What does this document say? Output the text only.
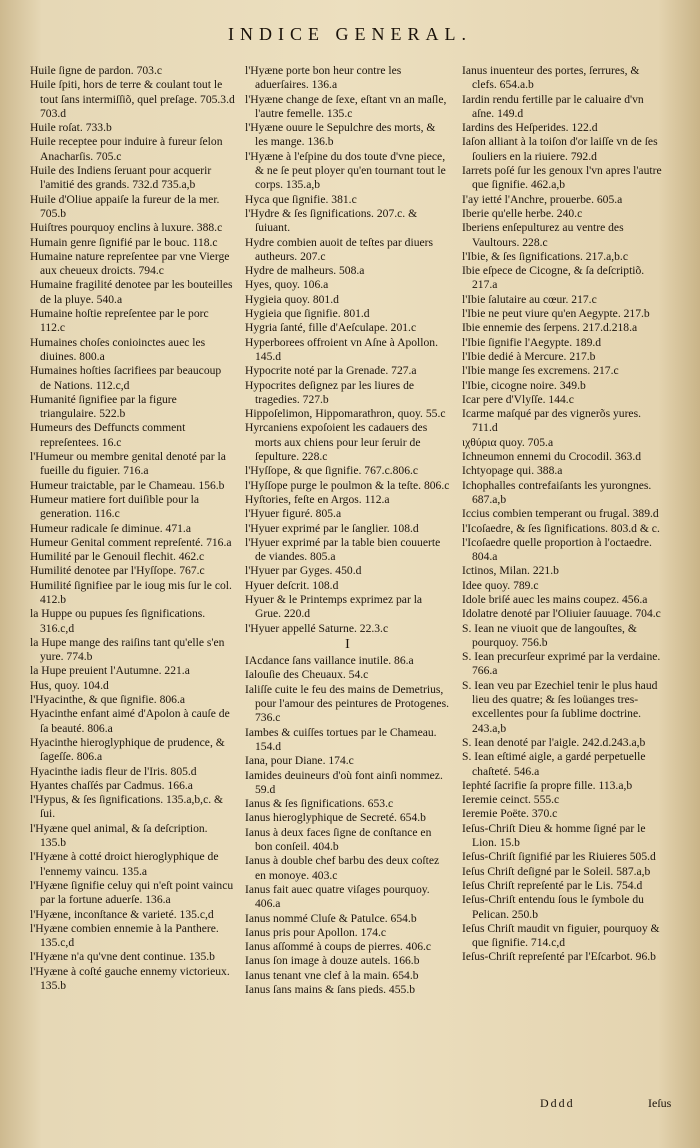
INDICE GENERAL.

Huile ſigne de pardon. 703.c

Huile ſpiti, hors de terre & coulant tout le tout ſans intermiſſiõ, quel preſage. 705.3.d 703.d

Huile roſat. 733.b

Huile receptee pour induire à fureur ſelon Anacharſis. 705.c

Huile des Indiens ſeruant pour acquerir l'amitié des grands. 732.d 735.a,b

Huile d'Oliue appaiſe la fureur de la mer. 705.b

Huiſtres pourquoy enclins à luxure. 388.c

Humain genre ſignifié par le bouc. 118.c

Humaine nature repreſentee par vne Vierge aux cheueux droicts. 794.c

Humaine fragilité denotee par les bouteilles de la pluye. 540.a

Humaine hoſtie repreſentee par le porc 112.c

Humaines choſes conioinctes auec les diuines. 800.a

Humaines hoſties ſacrifiees par beaucoup de Nations. 112.c,d

Humanité ſignifiee par la figure triangulaire. 522.b

Humeurs des Deffuncts comment repreſentees. 16.c

l'Humeur ou membre genital denoté par la fueille du figuier. 716.a

Humeur traictable, par le Chameau. 156.b

Humeur matiere fort duiſible pour la generation. 116.c

Humeur radicale ſe diminue. 471.a

Humeur Genital comment repreſenté. 716.a

Humilité par le Genouil flechit. 462.c

Humilité denotee par l'Hyſſope. 767.c

Humilité ſignifiee par le ioug mis ſur le col. 412.b

la Huppe ou pupues ſes ſignifications. 316.c,d

la Hupe mange des raiſins tant qu'elle s'en yure. 774.b

la Hupe preuient l'Autumne. 221.a

Hus, quoy. 104.d

l'Hyacinthe, & que ſignifie. 806.a

Hyacinthe enfant aimé d'Apolon à cauſe de ſa beauté. 806.a

Hyacinthe hieroglyphique de prudence, & ſageſſe. 806.a

Hyacinthe iadis fleur de l'Iris. 805.d

Hyantes chaſſés par Cadmus. 166.a

l'Hypus, & ſes ſignifications. 135.a,b,c. & ſui.

l'Hyæne quel animal, & ſa deſcription. 135.b

l'Hyæne à cotté droict hieroglyphique de l'ennemy vaincu. 135.a

l'Hyæne ſignifie celuy qui n'eſt point vaincu par la fortune aduerſe. 136.a

l'Hyæne, inconſtance & varieté. 135.c,d

l'Hyæne combien ennemie à la Panthere. 135.c,d

l'Hyæne n'a qu'vne dent continue. 135.b

l'Hyæne à coſté gauche ennemy victorieux. 135.b

l'Hyæne porte bon heur contre les aduerſaires. 136.a

l'Hyæne change de ſexe, eſtant vn an maſle, l'autre femelle. 135.c

l'Hyæne ouure le Sepulchre des morts, & les mange. 136.b

l'Hyæne à l'eſpine du dos toute d'vne piece, & ne ſe peut ployer qu'en tournant tout le corps. 135.a,b

Hyca que ſignifie. 381.c

l'Hydre & ſes ſignifications. 207.c. & ſuiuant.

Hydre combien auoit de teſtes par diuers autheurs. 207.c

Hydre de malheurs. 508.a

Hyes, quoy. 106.a

Hygieia quoy. 801.d

Hygieia que ſignifie. 801.d

Hygria ſanté, fille d'Aeſculape. 201.c

Hyperborees offroient vn Aſne à Apollon. 145.d

Hypocrite noté par la Grenade. 727.a

Hypocrites deſignez par les liures de tragedies. 727.b

Hippoſelimon, Hippomarathron, quoy. 55.c

Hyrcaniens expoſoient les cadauers des morts aux chiens pour leur ſeruir de ſepulture. 228.c

l'Hyſſope, & que ſignifie. 767.c.806.c

l'Hyſſope purge le poulmon & la teſte. 806.c

Hyſtories, feſte en Argos. 112.a

l'Hyuer figuré. 805.a

l'Hyuer exprimé par le ſanglier. 108.d

l'Hyuer exprimé par la table bien couuerte de viandes. 805.a

l'Hyuer par Gyges. 450.d

Hyuer deſcrit. 108.d

Hyuer & le Printemps exprimez par la Grue. 220.d

l'Hyuer appellé Saturne. 22.3.c

I

IAcdance ſans vaillance inutile. 86.a

Ialouſie des Cheuaux. 54.c

Ialiſſe cuite le feu des mains de Demetrius, pour l'amour des peintures de Protogenes. 736.c

Iambes & cuiſſes tortues par le Chameau. 154.d

Iana, pour Diane. 174.c

Iamides deuineurs d'où font ainſi nommez. 59.d

Ianus & ſes ſignifications. 653.c

Ianus hieroglyphique de Secreté. 654.b

Ianus à deux faces ſigne de conſtance en bon conſeil. 404.b

Ianus à double chef barbu des deux coſtez en monoye. 403.c

Ianus fait auec quatre viſages pourquoy. 406.a

Ianus nommé Cluſe & Patulce. 654.b

Ianus pris pour Apollon. 174.c

Ianus aſſommé à coups de pierres. 406.c

Ianus ſon image à douze autels. 166.b

Ianus tenant vne clef à la main. 654.b

Ianus ſans mains & ſans pieds. 455.b

Ianus inuenteur des portes, ſerrures, & clefs. 654.a.b

Iardin rendu fertille par le caluaire d'vn aſne. 149.d

Iardins des Heſperides. 122.d

Iaſon alliant à la toiſon d'or laiſſe vn de ſes ſouliers en la riuiere. 792.d

Iarrets poſé ſur les genoux l'vn apres l'autre que ſignifie. 462.a,b

I'ay ietté l'Anchre, prouerbe. 605.a

Iberie qu'elle herbe. 240.c

Iberiens enſepulturez au ventre des Vaultours. 228.c

l'Ibie, & ſes ſignifications. 217.a,b.c

Ibie eſpece de Cicogne, & ſa deſcriptiõ. 217.a

l'Ibie ſalutaire au cœur. 217.c

l'Ibie ne peut viure qu'en Aegypte. 217.b

Ibie ennemie des ſerpens. 217.d.218.a

l'Ibie ſignifie l'Aegypte. 189.d

l'Ibie dedié à Mercure. 217.b

l'Ibie mange ſes excremens. 217.c

l'Ibie, cicogne noire. 349.b

Icar pere d'Vlyſſe. 144.c

Icarme maſqué par des vignerõs yures. 711.d

ιχθύρια quoy. 705.a

Ichneumon ennemi du Crocodil. 363.d

Ichtyopage qui. 388.a

Ichophalles contrefaiſants les yurongnes. 687.a,b

Iccius combien temperant ou frugal. 389.d

l'Icoſaedre, & ſes ſignifications. 803.d & c.

l'Icoſaedre quelle proportion à l'octaedre. 804.a

Ictinos, Milan. 221.b

Idee quoy. 789.c

Idole briſé auec les mains coupez. 456.a

Idolatre denoté par l'Oliuier ſauuage. 704.c

S. Iean ne viuoit que de langouſtes, & pourquoy. 756.b

S. Iean precurſeur exprimé par la verdaine. 766.a

S. Iean veu par Ezechiel tenir le plus haud lieu des quatre; & ſes loüanges tres-excellentes pour ſa ſublime doctrine. 243.a,b

S. Iean denoté par l'aigle. 242.d.243.a,b

S. Iean eſtimé aigle, a gardé perpetuelle chaſteté. 546.a

Iephté ſacrifie ſa propre fille. 113.a,b

Ieremie ceinct. 555.c

Ieremie Poëte. 370.c

Ieſus-Chriſt Dieu & homme ſigné par le Lion. 15.b

Ieſus-Chriſt ſignifié par les Riuieres 505.d

Ieſus Chriſt deſigné par le Soleil. 587.a,b

Ieſus Chriſt repreſenté par le Lis. 754.d

Ieſus-Chriſt entendu ſous le ſymbole du Pelican. 250.b

Ieſus Chriſt maudit vn figuier, pourquoy & que ſignifie. 714.c,d

Ieſus-Chriſt repreſenté par l'Eſcarbot. 96.b

Dddd	Ieſus
